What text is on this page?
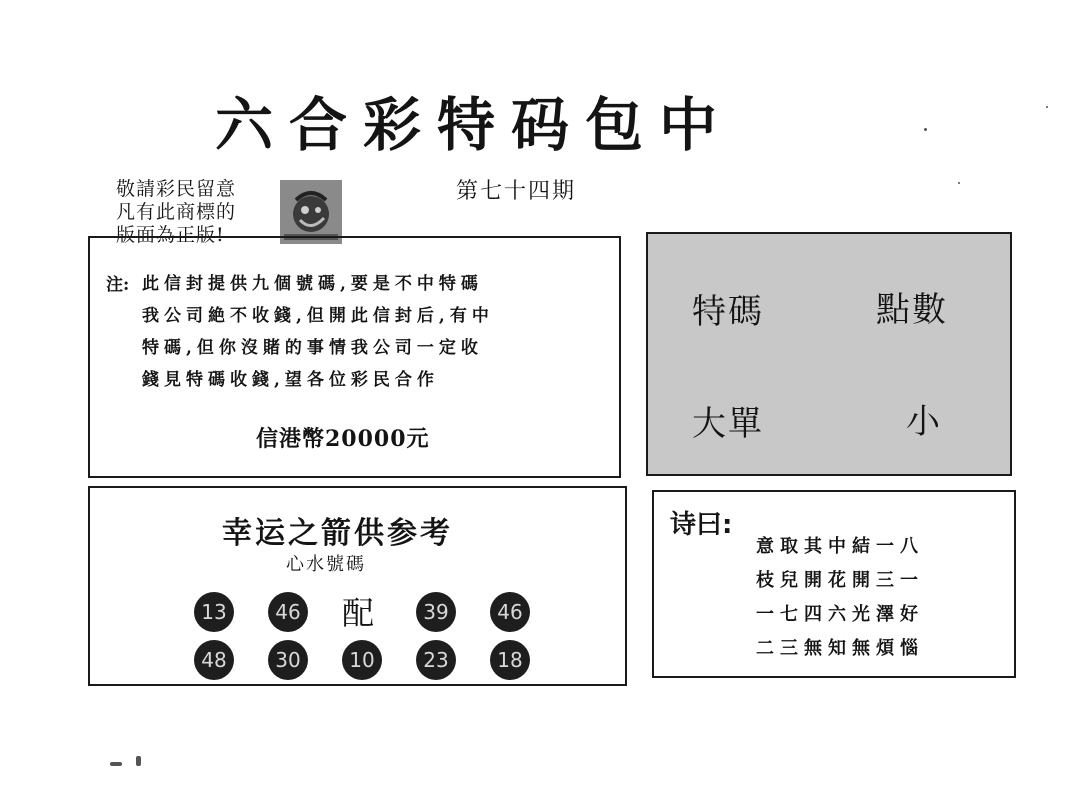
六合彩特码包中
敬請彩民留意
凡有此商標的
版面為正版!
第七十四期
注: 此信封提供九個號碼,要是不中特碼
我公司絶不收錢,但開此信封后,有中
特碼,但你沒賭的事情我公司一定收
錢見特碼收錢,望各位彩民合作
信港幣20000元
特碼	點數
大單	小
幸运之箭供参考
心水號碼
13	46 配	39	46
48	30	10	23	18
诗曰:
意取其中結一八
枝兒開花開三一
一七四六光澤好
二三無知無煩惱
